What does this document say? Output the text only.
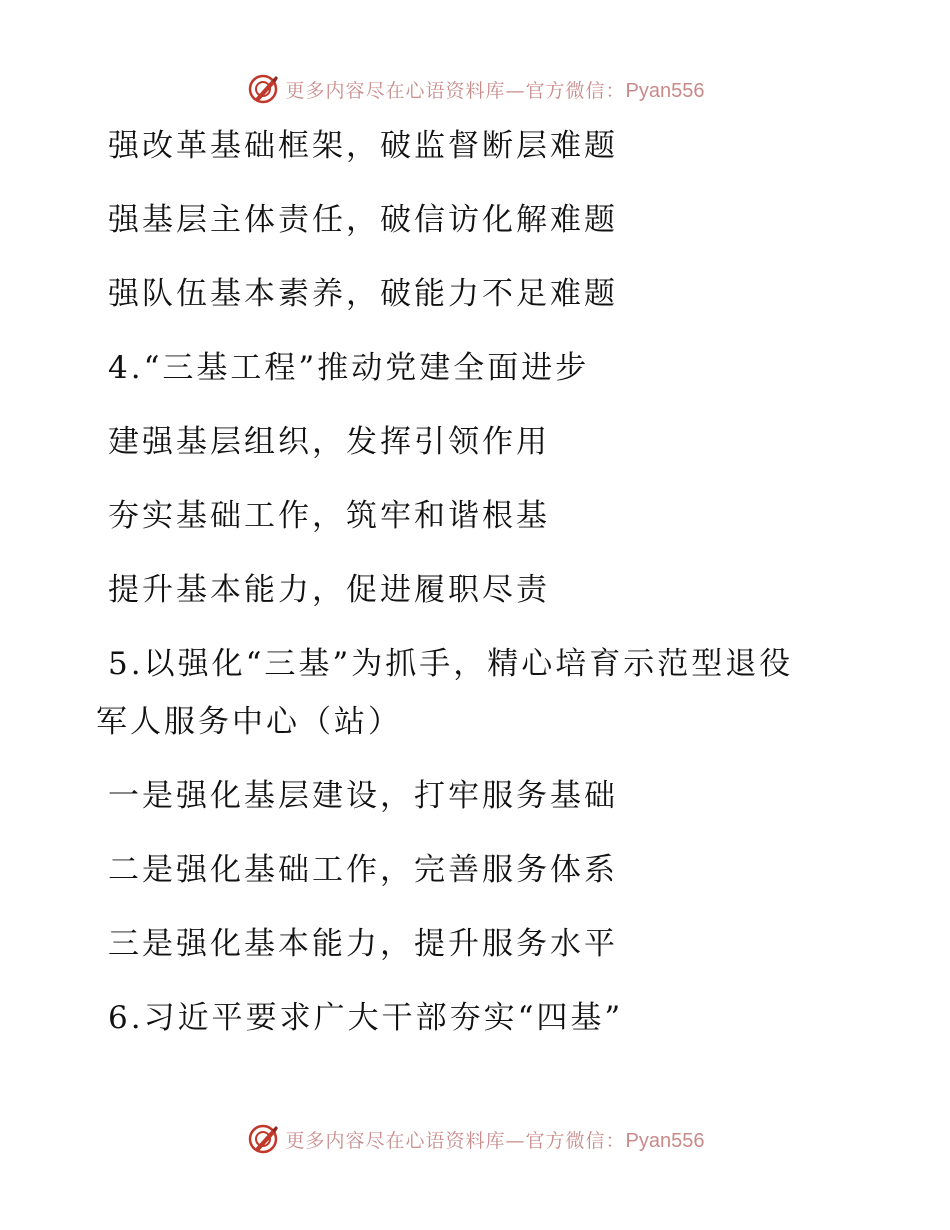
更多内容尽在心语资料库—官方微信：Pyan556
强改革基础框架，破监督断层难题
强基层主体责任，破信访化解难题
强队伍基本素养，破能力不足难题
4.“三基工程”推动党建全面进步
建强基层组织，发挥引领作用
夯实基础工作，筑牢和谐根基
提升基本能力，促进履职尽责
5.以强化“三基”为抓手，精心培育示范型退役
军人服务中心（站）
一是强化基层建设，打牢服务基础
二是强化基础工作，完善服务体系
三是强化基本能力，提升服务水平
6.习近平要求广大干部夯实“四基”
更多内容尽在心语资料库—官方微信：Pyan556
